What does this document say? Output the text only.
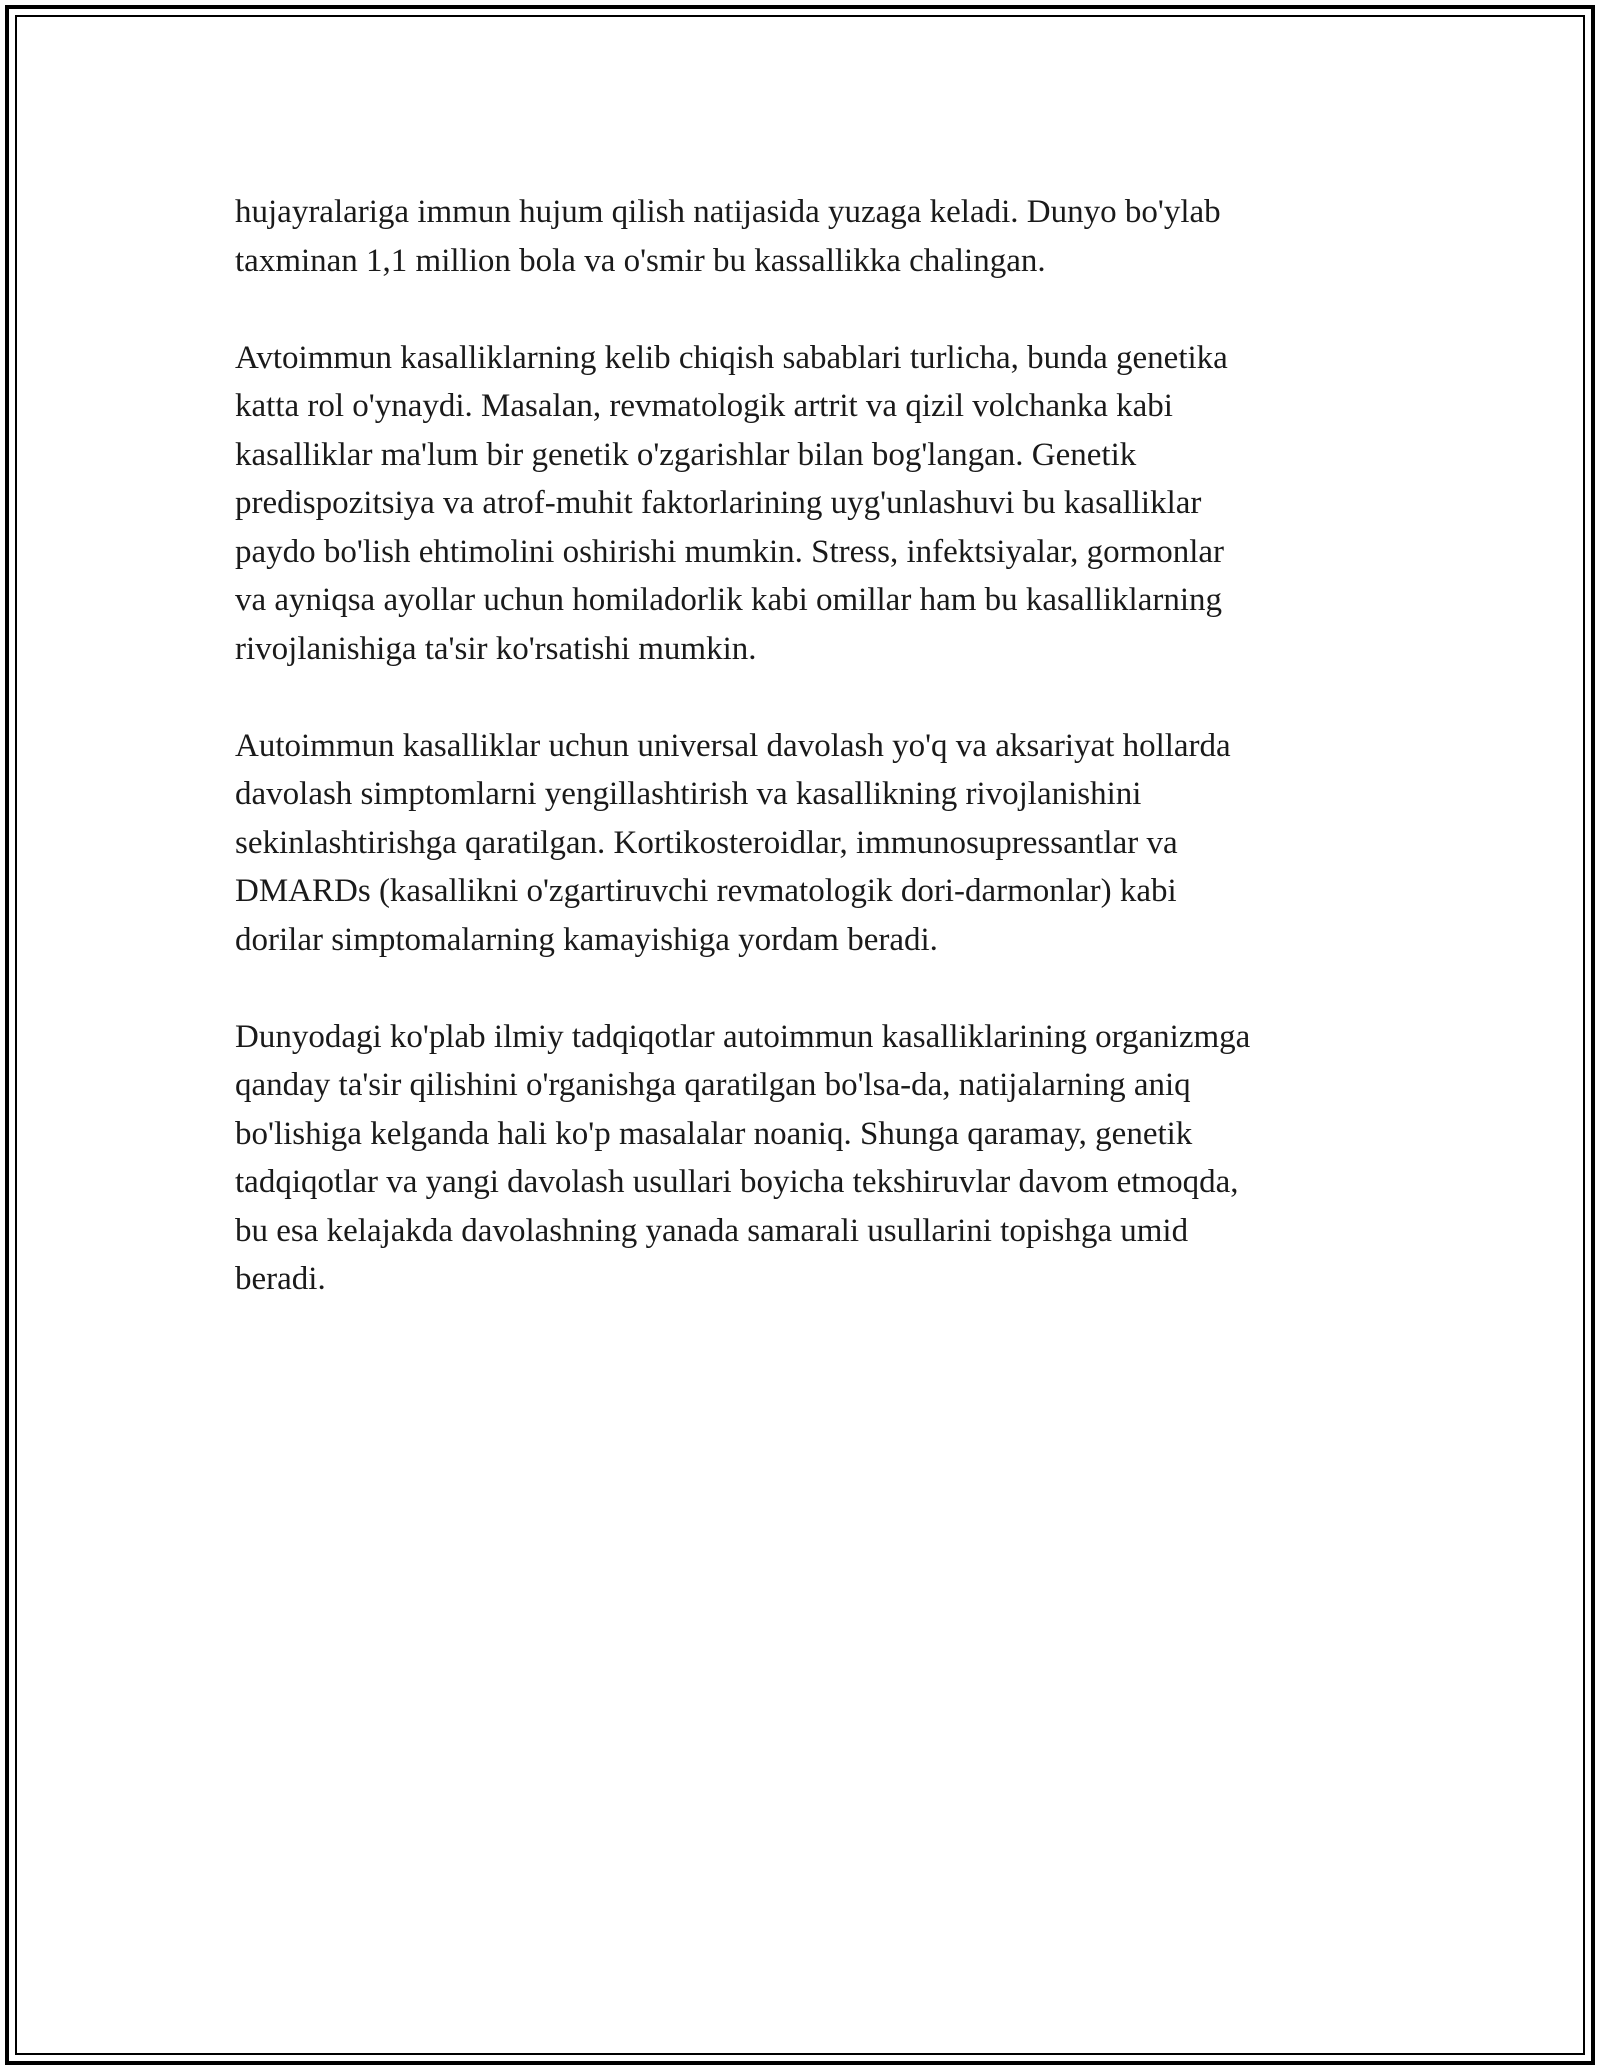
hujayralariga immun hujum qilish natijasida yuzaga keladi. Dunyo bo'ylab
taxminan 1,1 million bola va o'smir bu kassallikka chalingan.

Avtoimmun kasalliklarning kelib chiqish sabablari turlicha, bunda genetika
katta rol o'ynaydi. Masalan, revmatologik artrit va qizil volchanka kabi
kasalliklar ma'lum bir genetik o'zgarishlar bilan bog'langan. Genetik
predispozitsiya va atrof-muhit faktorlarining uyg'unlashuvi bu kasalliklar
paydo bo'lish ehtimolini oshirishi mumkin. Stress, infektsiyalar, gormonlar
va ayniqsa ayollar uchun homiladorlik kabi omillar ham bu kasalliklarning
rivojlanishiga ta'sir ko'rsatishi mumkin.

Autoimmun kasalliklar uchun universal davolash yo'q va aksariyat hollarda
davolash simptomlarni yengillashtirish va kasallikning rivojlanishini
sekinlashtirishga qaratilgan. Kortikosteroidlar, immunosupressantlar va
DMARDs (kasallikni o'zgartiruvchi revmatologik dori-darmonlar) kabi
dorilar simptomalarning kamayishiga yordam beradi.

Dunyodagi ko'plab ilmiy tadqiqotlar autoimmun kasalliklarining organizmga
qanday ta'sir qilishini o'rganishga qaratilgan bo'lsa-da, natijalarning aniq
bo'lishiga kelganda hali ko'p masalalar noaniq. Shunga qaramay, genetik
tadqiqotlar va yangi davolash usullari boyicha tekshiruvlar davom etmoqda,
bu esa kelajakda davolashning yanada samarali usullarini topishga umid
beradi.
